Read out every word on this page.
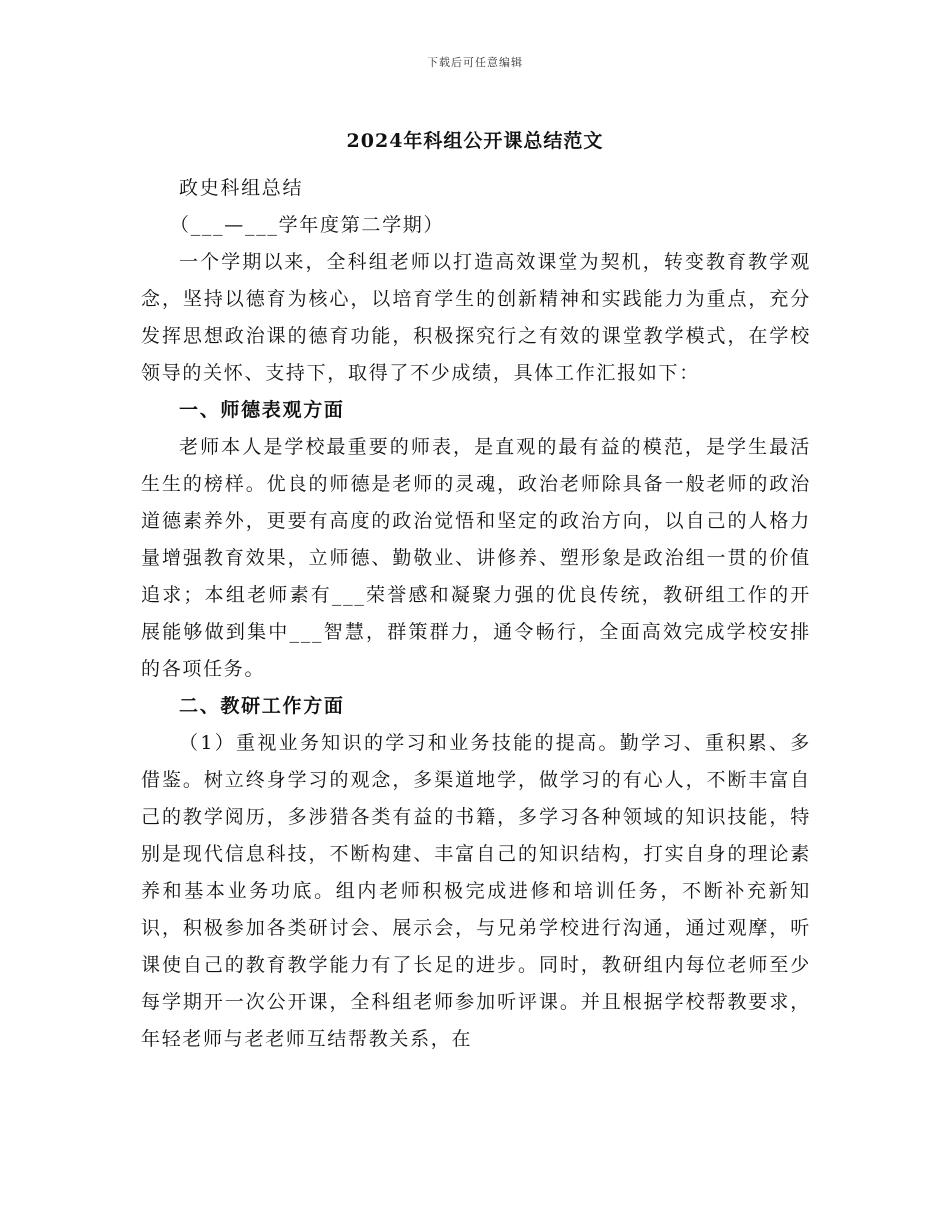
下载后可任意编辑
2024年科组公开课总结范文

政史科组总结

（___—___学年度第二学期）

一个学期以来，全科组老师以打造高效课堂为契机，转变教育教学观念，坚持以德育为核心，以培育学生的创新精神和实践能力为重点，充分发挥思想政治课的德育功能，积极探究行之有效的课堂教学模式，在学校领导的关怀、支持下，取得了不少成绩，具体工作汇报如下：

一、师德表观方面

老师本人是学校最重要的师表，是直观的最有益的模范，是学生最活生生的榜样。优良的师德是老师的灵魂，政治老师除具备一般老师的政治道德素养外，更要有高度的政治觉悟和坚定的政治方向，以自己的人格力量增强教育效果，立师德、勤敬业、讲修养、塑形象是政治组一贯的价值追求；本组老师素有___荣誉感和凝聚力强的优良传统，教研组工作的开展能够做到集中___智慧，群策群力，通令畅行，全面高效完成学校安排的各项任务。

二、教研工作方面

（1）重视业务知识的学习和业务技能的提高。勤学习、重积累、多借鉴。树立终身学习的观念，多渠道地学，做学习的有心人，不断丰富自己的教学阅历，多涉猎各类有益的书籍，多学习各种领域的知识技能，特别是现代信息科技，不断构建、丰富自己的知识结构，打实自身的理论素养和基本业务功底。组内老师积极完成进修和培训任务，不断补充新知识，积极参加各类研讨会、展示会，与兄弟学校进行沟通，通过观摩，听课使自己的教育教学能力有了长足的进步。同时，教研组内每位老师至少每学期开一次公开课，全科组老师参加听评课。并且根据学校帮教要求，年轻老师与老老师互结帮教关系，在
